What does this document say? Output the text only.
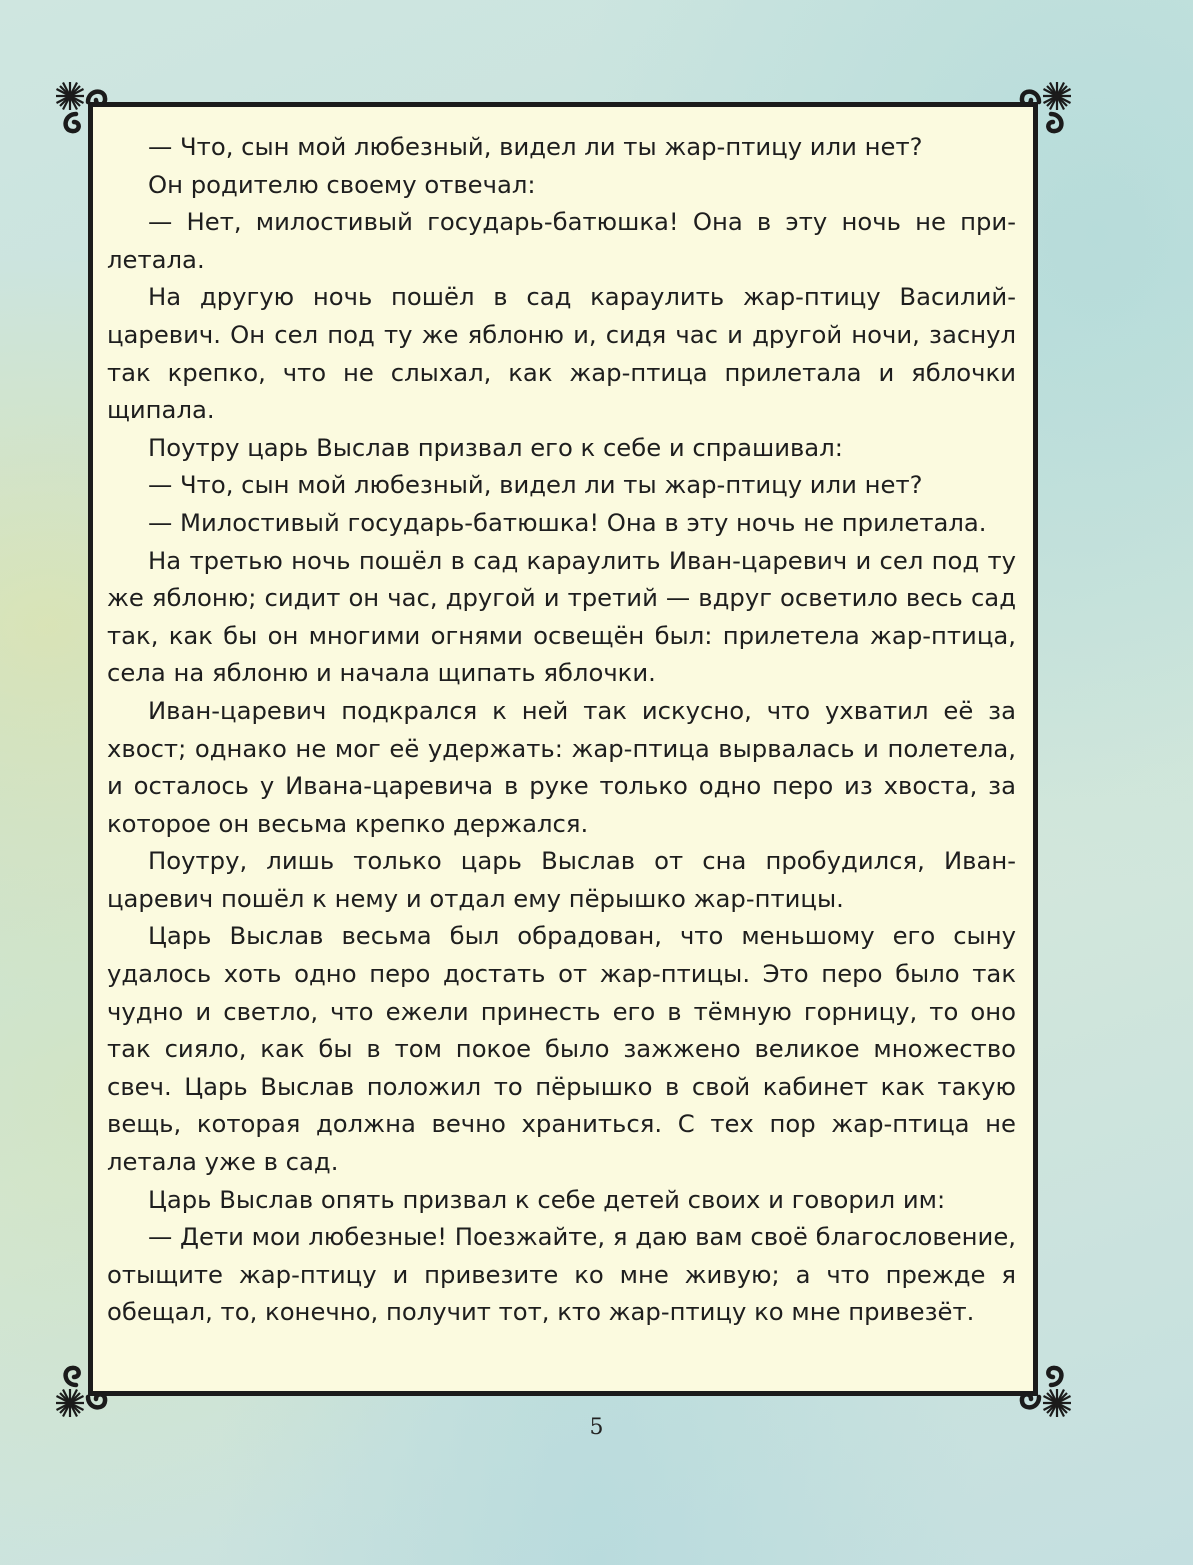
— Что, сын мой любезный, видел ли ты жар-птицу или нет?

Он родителю своему отвечал:

— Нет, милостивый государь-батюшка! Она в эту ночь не прилетала.

На другую ночь пошёл в сад караулить жар-птицу Василий-царевич. Он сел под ту же яблоню и, сидя час и другой ночи, заснул так крепко, что не слыхал, как жар-птица прилетала и яблочки щипала.

Поутру царь Выслав призвал его к себе и спрашивал:

— Что, сын мой любезный, видел ли ты жар-птицу или нет?

— Милостивый государь-батюшка! Она в эту ночь не прилетала.

На третью ночь пошёл в сад караулить Иван-царевич и сел под ту же яблоню; сидит он час, другой и третий — вдруг осветило весь сад так, как бы он многими огнями освещён был: прилетела жар-птица, села на яблоню и начала щипать яблочки.

Иван-царевич подкрался к ней так искусно, что ухватил её за хвост; однако не мог её удержать: жар-птица вырвалась и полетела, и осталось у Ивана-царевича в руке только одно перо из хвоста, за которое он весьма крепко держался.

Поутру, лишь только царь Выслав от сна пробудился, Иван-царевич пошёл к нему и отдал ему пёрышко жар-птицы.

Царь Выслав весьма был обрадован, что меньшому его сыну удалось хоть одно перо достать от жар-птицы. Это перо было так чудно и светло, что ежели принесть его в тёмную горницу, то оно так сияло, как бы в том покое было зажжено великое множество свеч. Царь Выслав положил то пёрышко в свой кабинет как такую вещь, которая должна вечно храниться. С тех пор жар-птица не летала уже в сад.

Царь Выслав опять призвал к себе детей своих и говорил им:

— Дети мои любезные! Поезжайте, я даю вам своё благословение, отыщите жар-птицу и привезите ко мне живую; а что прежде я обещал, то, конечно, получит тот, кто жар-птицу ко мне привезёт.

5
